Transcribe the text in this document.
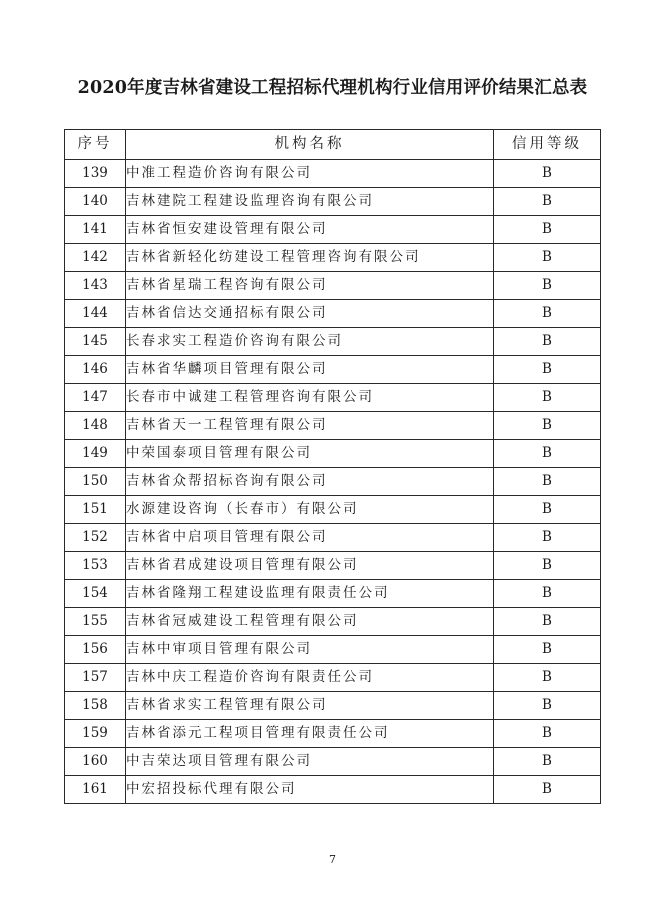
2020年度吉林省建设工程招标代理机构行业信用评价结果汇总表
序号	机构名称	信用等级
139	中准工程造价咨询有限公司	B
140	吉林建院工程建设监理咨询有限公司	B
141	吉林省恒安建设管理有限公司	B
142	吉林省新轻化纺建设工程管理咨询有限公司	B
143	吉林省星瑞工程咨询有限公司	B
144	吉林省信达交通招标有限公司	B
145	长春求实工程造价咨询有限公司	B
146	吉林省华麟项目管理有限公司	B
147	长春市中诚建工程管理咨询有限公司	B
148	吉林省天一工程管理有限公司	B
149	中荣国泰项目管理有限公司	B
150	吉林省众帮招标咨询有限公司	B
151	水源建设咨询（长春市）有限公司	B
152	吉林省中启项目管理有限公司	B
153	吉林省君成建设项目管理有限公司	B
154	吉林省隆翔工程建设监理有限责任公司	B
155	吉林省冠威建设工程管理有限公司	B
156	吉林中审项目管理有限公司	B
157	吉林中庆工程造价咨询有限责任公司	B
158	吉林省求实工程管理有限公司	B
159	吉林省添元工程项目管理有限责任公司	B
160	中吉荣达项目管理有限公司	B
161	中宏招投标代理有限公司	B
7
